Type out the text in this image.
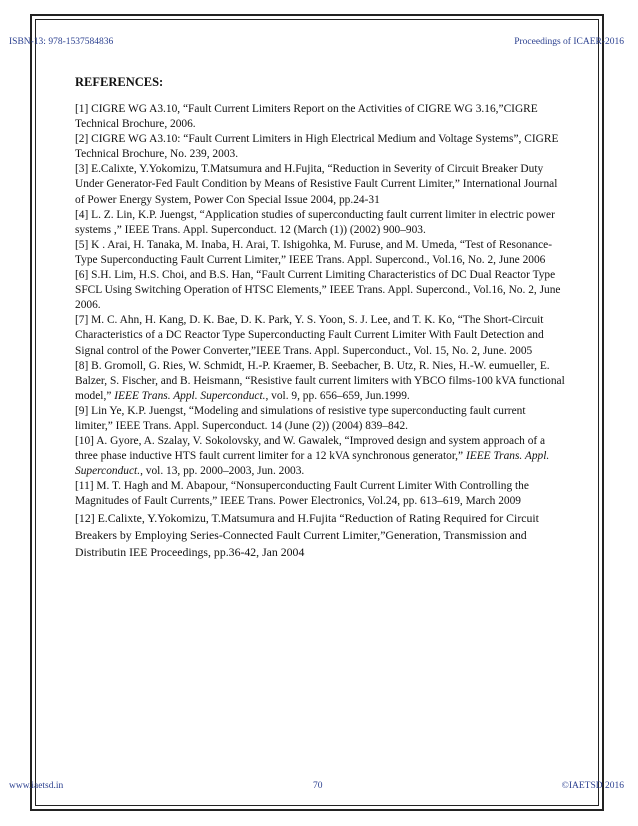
ISBN-13: 978-1537584836	Proceedings of ICAER-2016
REFERENCES:

[1] CIGRE WG A3.10, “Fault Current Limiters Report on the Activities of CIGRE WG 3.16,”CIGRE Technical Brochure, 2006.

[2] CIGRE WG A3.10: “Fault Current Limiters in High Electrical Medium and Voltage Systems”, CIGRE Technical Brochure, No. 239, 2003.

[3] E.Calixte, Y.Yokomizu, T.Matsumura and H.Fujita, “Reduction in Severity of Circuit Breaker Duty Under Generator-Fed Fault Condition by Means of Resistive Fault Current Limiter,” International Journal of Power Energy System, Power Con Special Issue 2004, pp.24-31

[4] L. Z. Lin, K.P. Juengst, “Application studies of superconducting fault current limiter in electric power systems ,” IEEE Trans. Appl. Superconduct. 12 (March (1)) (2002) 900–903.

[5] K . Arai, H. Tanaka, M. Inaba, H. Arai, T. Ishigohka, M. Furuse, and M. Umeda, “Test of Resonance-Type Superconducting Fault Current Limiter,” IEEE Trans. Appl. Supercond., Vol.16, No. 2, June 2006

[6] S.H. Lim, H.S. Choi, and B.S. Han, “Fault Current Limiting Characteristics of DC Dual Reactor Type SFCL Using Switching Operation of HTSC Elements,” IEEE Trans. Appl. Supercond., Vol.16, No. 2, June 2006.

[7] M. C. Ahn, H. Kang, D. K. Bae, D. K. Park, Y. S. Yoon, S. J. Lee, and T. K. Ko, “The Short-Circuit Characteristics of a DC Reactor Type Superconducting Fault Current Limiter With Fault Detection and Signal control of the Power Converter,”IEEE Trans. Appl. Superconduct., Vol. 15, No. 2, June. 2005

[8] B. Gromoll, G. Ries, W. Schmidt, H.-P. Kraemer, B. Seebacher, B. Utz, R. Nies, H.-W. eumueller, E. Balzer, S. Fischer, and B. Heismann, “Resistive fault current limiters with YBCO films-100 kVA functional model,” IEEE Trans. Appl. Superconduct., vol. 9, pp. 656–659, Jun.1999.

[9] Lin Ye, K.P. Juengst, “Modeling and simulations of resistive type superconducting fault current limiter,” IEEE Trans. Appl. Superconduct. 14 (June (2)) (2004) 839–842.

[10] A. Gyore, A. Szalay, V. Sokolovsky, and W. Gawalek, “Improved design and system approach of a three phase inductive HTS fault current limiter for a 12 kVA synchronous generator,” IEEE Trans. Appl. Superconduct., vol. 13, pp. 2000–2003, Jun. 2003.

[11] M. T. Hagh and M. Abapour, “Nonsuperconducting Fault Current Limiter With Controlling the Magnitudes of Fault Currents,” IEEE Trans. Power Electronics, Vol.24, pp. 613–619, March 2009

[12] E.Calixte, Y.Yokomizu, T.Matsumura and H.Fujita “Reduction of Rating Required for Circuit Breakers by Employing Series-Connected Fault Current Limiter,”Generation, Transmission and Distributin IEE Proceedings, pp.36-42, Jan 2004

www.iaetsd.in	70	©IAETSD 2016
